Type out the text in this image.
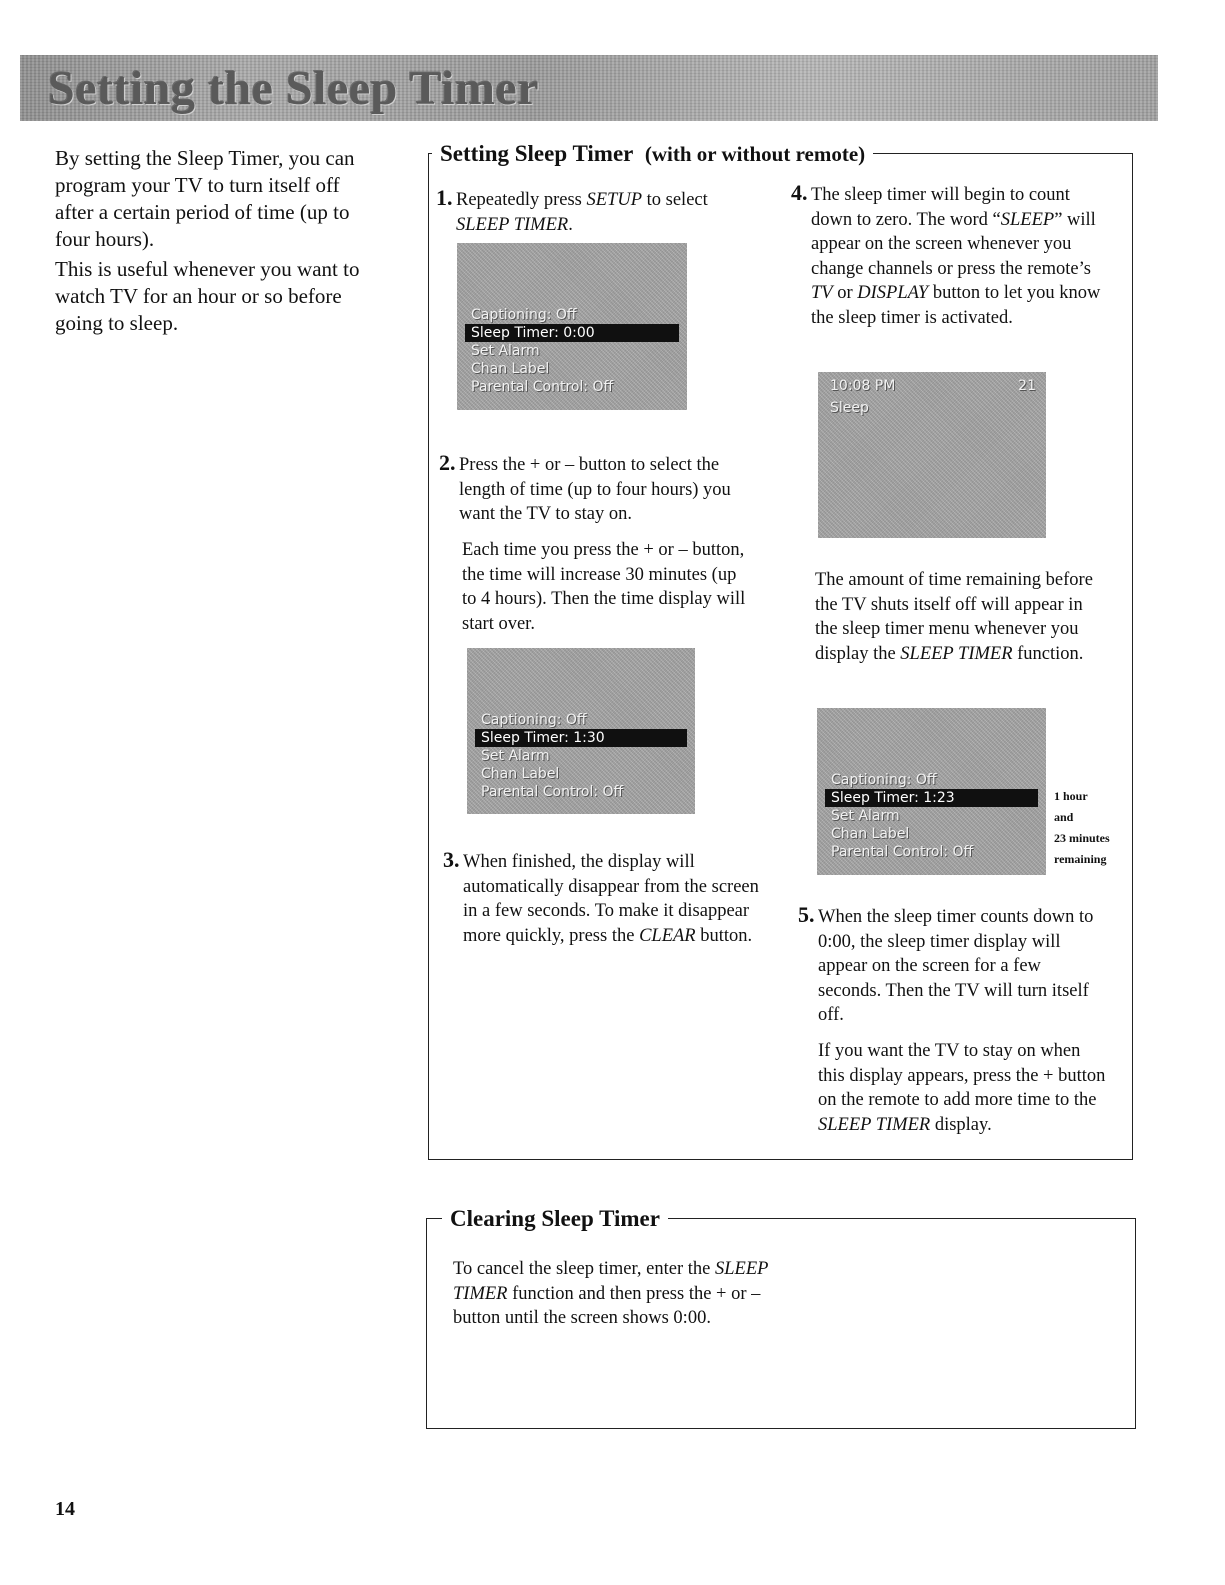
Setting the Sleep Timer

By setting the Sleep Timer, you can program your TV to turn itself off after a certain period of time (up to four hours).

This is useful whenever you want to watch TV for an hour or so before going to sleep.

Setting Sleep Timer (with or without remote)
1. Repeatedly press SETUP to select SLEEP TIMER.
Captioning: Off
Sleep Timer: 0:00
Set Alarm
Chan Label
Parental Control: Off

2. Press the + or – button to select the length of time (up to four hours) you want the TV to stay on.

Each time you press the + or – button, the time will increase 30 minutes (up to 4 hours). Then the time display will start over.

Captioning: Off
Sleep Timer: 1:30
Set Alarm
Chan Label
Parental Control: Off

3. When finished, the display will automatically disappear from the screen in a few seconds. To make it disappear more quickly, press the CLEAR button.

4. The sleep timer will begin to count down to zero. The word “SLEEP” will appear on the screen whenever you change channels or press the remote’s TV or DISPLAY button to let you know the sleep timer is activated.

10:08 PM	21
Sleep

The amount of time remaining before the TV shuts itself off will appear in the sleep timer menu whenever you display the SLEEP TIMER function.

Captioning: Off
Sleep Timer: 1:23
Set Alarm
Chan Label
Parental Control: Off
1 hour
and
23 minutes
remaining

5. When the sleep timer counts down to 0:00, the sleep timer display will appear on the screen for a few seconds. Then the TV will turn itself off.

If you want the TV to stay on when this display appears, press the + button on the remote to add more time to the SLEEP TIMER display.

Clearing Sleep Timer

To cancel the sleep timer, enter the SLEEP TIMER function and then press the + or – button until the screen shows 0:00.

14
